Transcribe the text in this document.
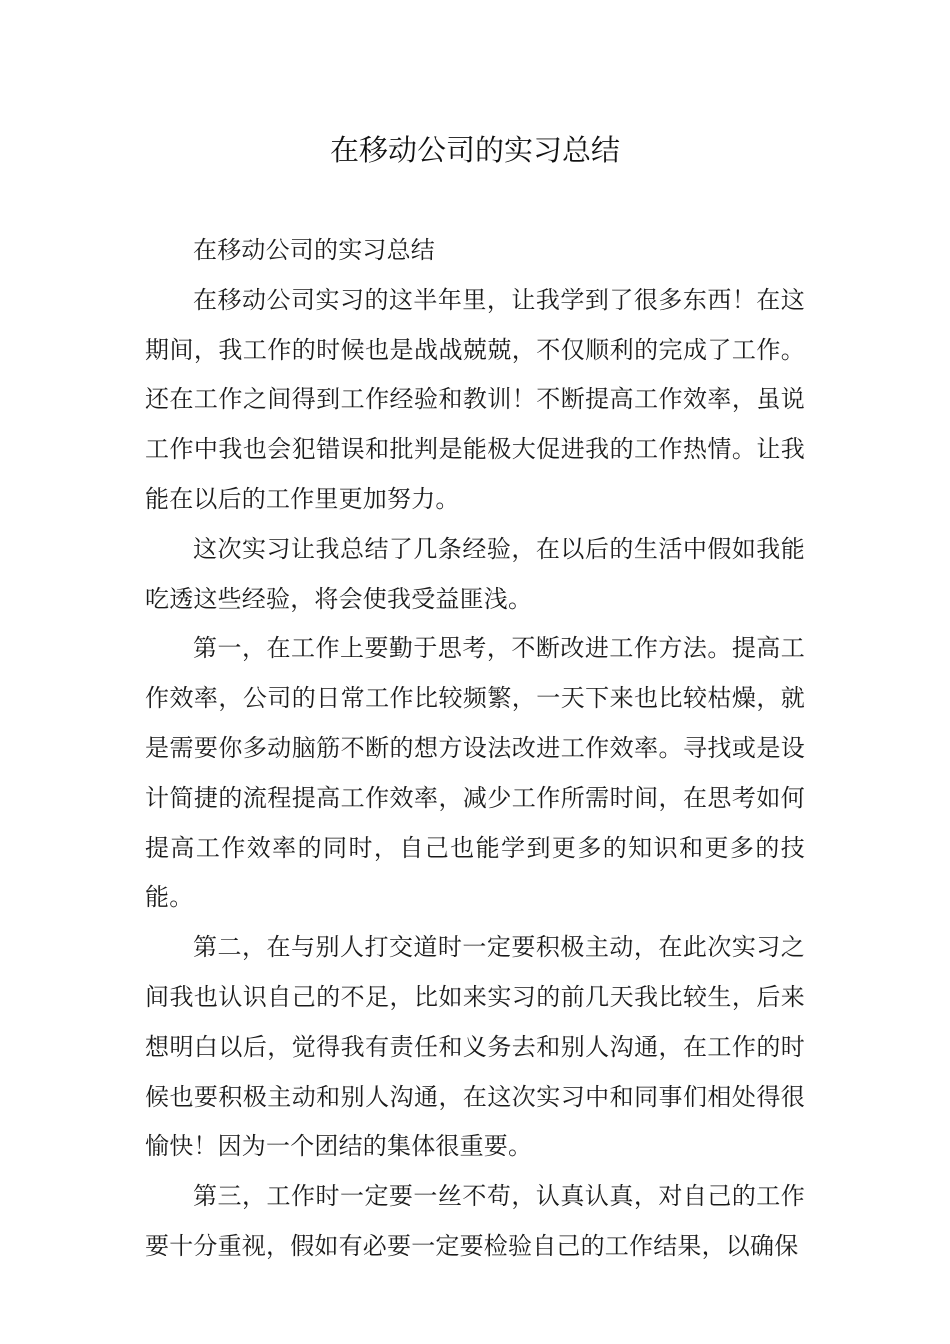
在移动公司的实习总结

在移动公司的实习总结

在移动公司实习的这半年里，让我学到了很多东西！在这期间，我工作的时候也是战战兢兢，不仅顺利的完成了工作。还在工作之间得到工作经验和教训！不断提高工作效率，虽说工作中我也会犯错误和批判是能极大促进我的工作热情。让我能在以后的工作里更加努力。

这次实习让我总结了几条经验，在以后的生活中假如我能吃透这些经验，将会使我受益匪浅。

第一，在工作上要勤于思考，不断改进工作方法。提高工作效率，公司的日常工作比较频繁，一天下来也比较枯燥，就是需要你多动脑筋不断的想方设法改进工作效率。寻找或是设计简捷的流程提高工作效率，减少工作所需时间，在思考如何提高工作效率的同时，自己也能学到更多的知识和更多的技能。

第二，在与别人打交道时一定要积极主动，在此次实习之间我也认识自己的不足，比如来实习的前几天我比较生，后来想明白以后，觉得我有责任和义务去和别人沟通，在工作的时候也要积极主动和别人沟通，在这次实习中和同事们相处得很愉快！因为一个团结的集体很重要。

第三，工作时一定要一丝不苟，认真认真，对自己的工作要十分重视，假如有必要一定要检验自己的工作结果，以确保
